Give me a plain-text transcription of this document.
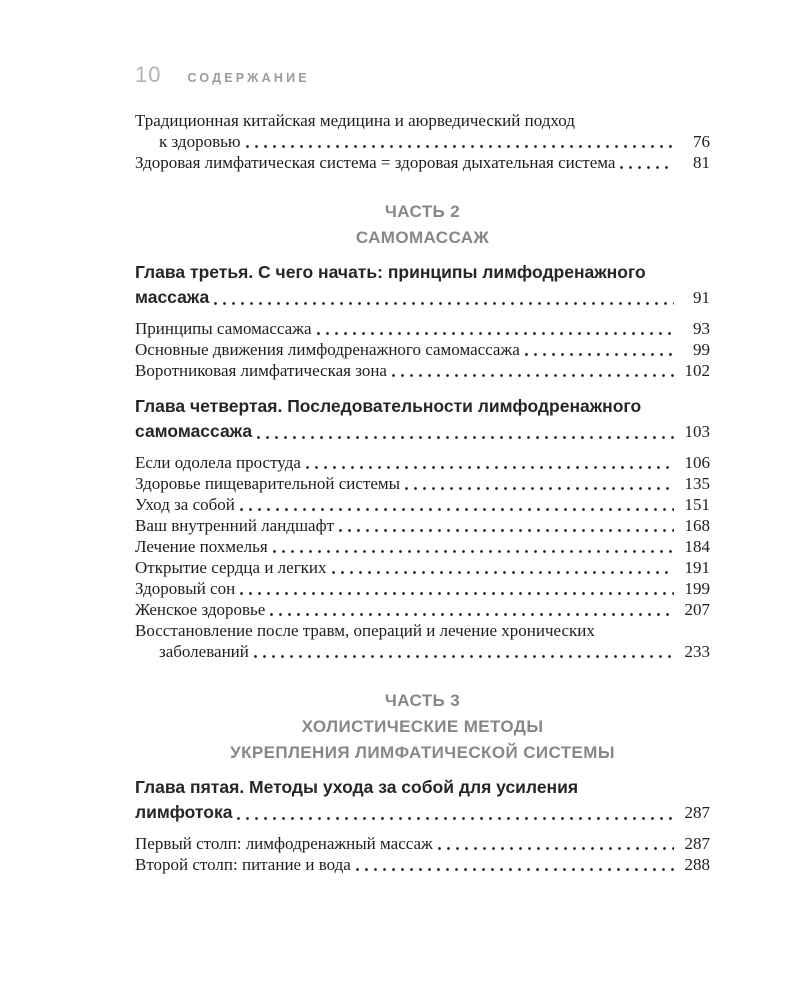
10 СОДЕРЖАНИЕ
Традиционная китайская медицина и аюрведический подход
к здоровью	76
Здоровая лимфатическая система = здоровая дыхательная система	81
ЧАСТЬ 2
САМОМАССАЖ
Глава третья. С чего начать: принципы лимфодренажного
массажа	91
Принципы самомассажа	93
Основные движения лимфодренажного самомассажа	99
Воротниковая лимфатическая зона	102
Глава четвертая. Последовательности лимфодренажного
самомассажа	103
Если одолела простуда	106
Здоровье пищеварительной системы	135
Уход за собой	151
Ваш внутренний ландшафт	168
Лечение похмелья	184
Открытие сердца и легких	191
Здоровый сон	199
Женское здоровье	207
Восстановление после травм, операций и лечение хронических
заболеваний	233
ЧАСТЬ 3
ХОЛИСТИЧЕСКИЕ МЕТОДЫ
УКРЕПЛЕНИЯ ЛИМФАТИЧЕСКОЙ СИСТЕМЫ
Глава пятая. Методы ухода за собой для усиления
лимфотока	287
Первый столп: лимфодренажный массаж	287
Второй столп: питание и вода	288
